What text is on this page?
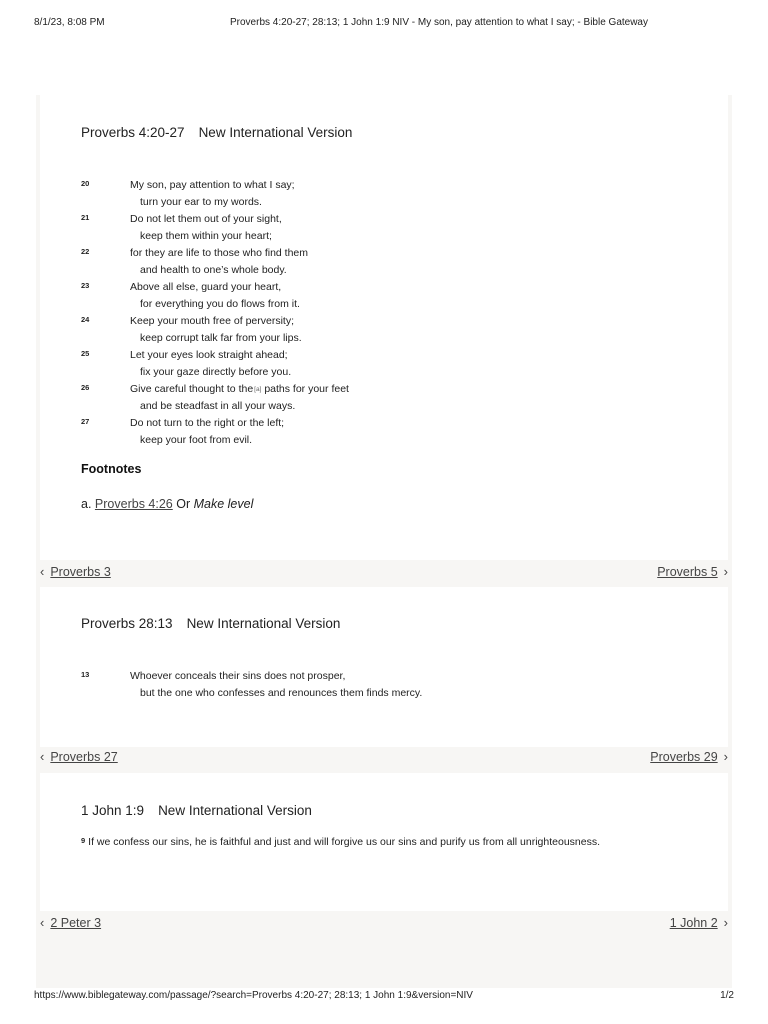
8/1/23, 8:08 PM	Proverbs 4:20-27; 28:13; 1 John 1:9 NIV - My son, pay attention to what I say; - Bible Gateway
Proverbs 4:20-27 New International Version
20	My son, pay attention to what I say;
turn your ear to my words.
21	Do not let them out of your sight,
keep them within your heart;
22	for they are life to those who find them
and health to one’s whole body.
23	Above all else, guard your heart,
for everything you do flows from it.
24	Keep your mouth free of perversity;
keep corrupt talk far from your lips.
25	Let your eyes look straight ahead;
fix your gaze directly before you.
26	Give careful thought to the[a] paths for your feet
and be steadfast in all your ways.
27	Do not turn to the right or the left;
keep your foot from evil.
Footnotes
a. Proverbs 4:26 Or Make level
‹ Proverbs 3	Proverbs 5 ›
Proverbs 28:13 New International Version
13	Whoever conceals their sins does not prosper,
but the one who confesses and renounces them finds mercy.
‹ Proverbs 27	Proverbs 29 ›
1 John 1:9 New International Version
$^9$ If we confess our sins, he is faithful and just and will forgive us our sins and purify us from all unrighteousness.
‹ 2 Peter 3	1 John 2 ›
https://www.biblegateway.com/passage/?search=Proverbs 4:20-27; 28:13; 1 John 1:9&version=NIV	1/2
